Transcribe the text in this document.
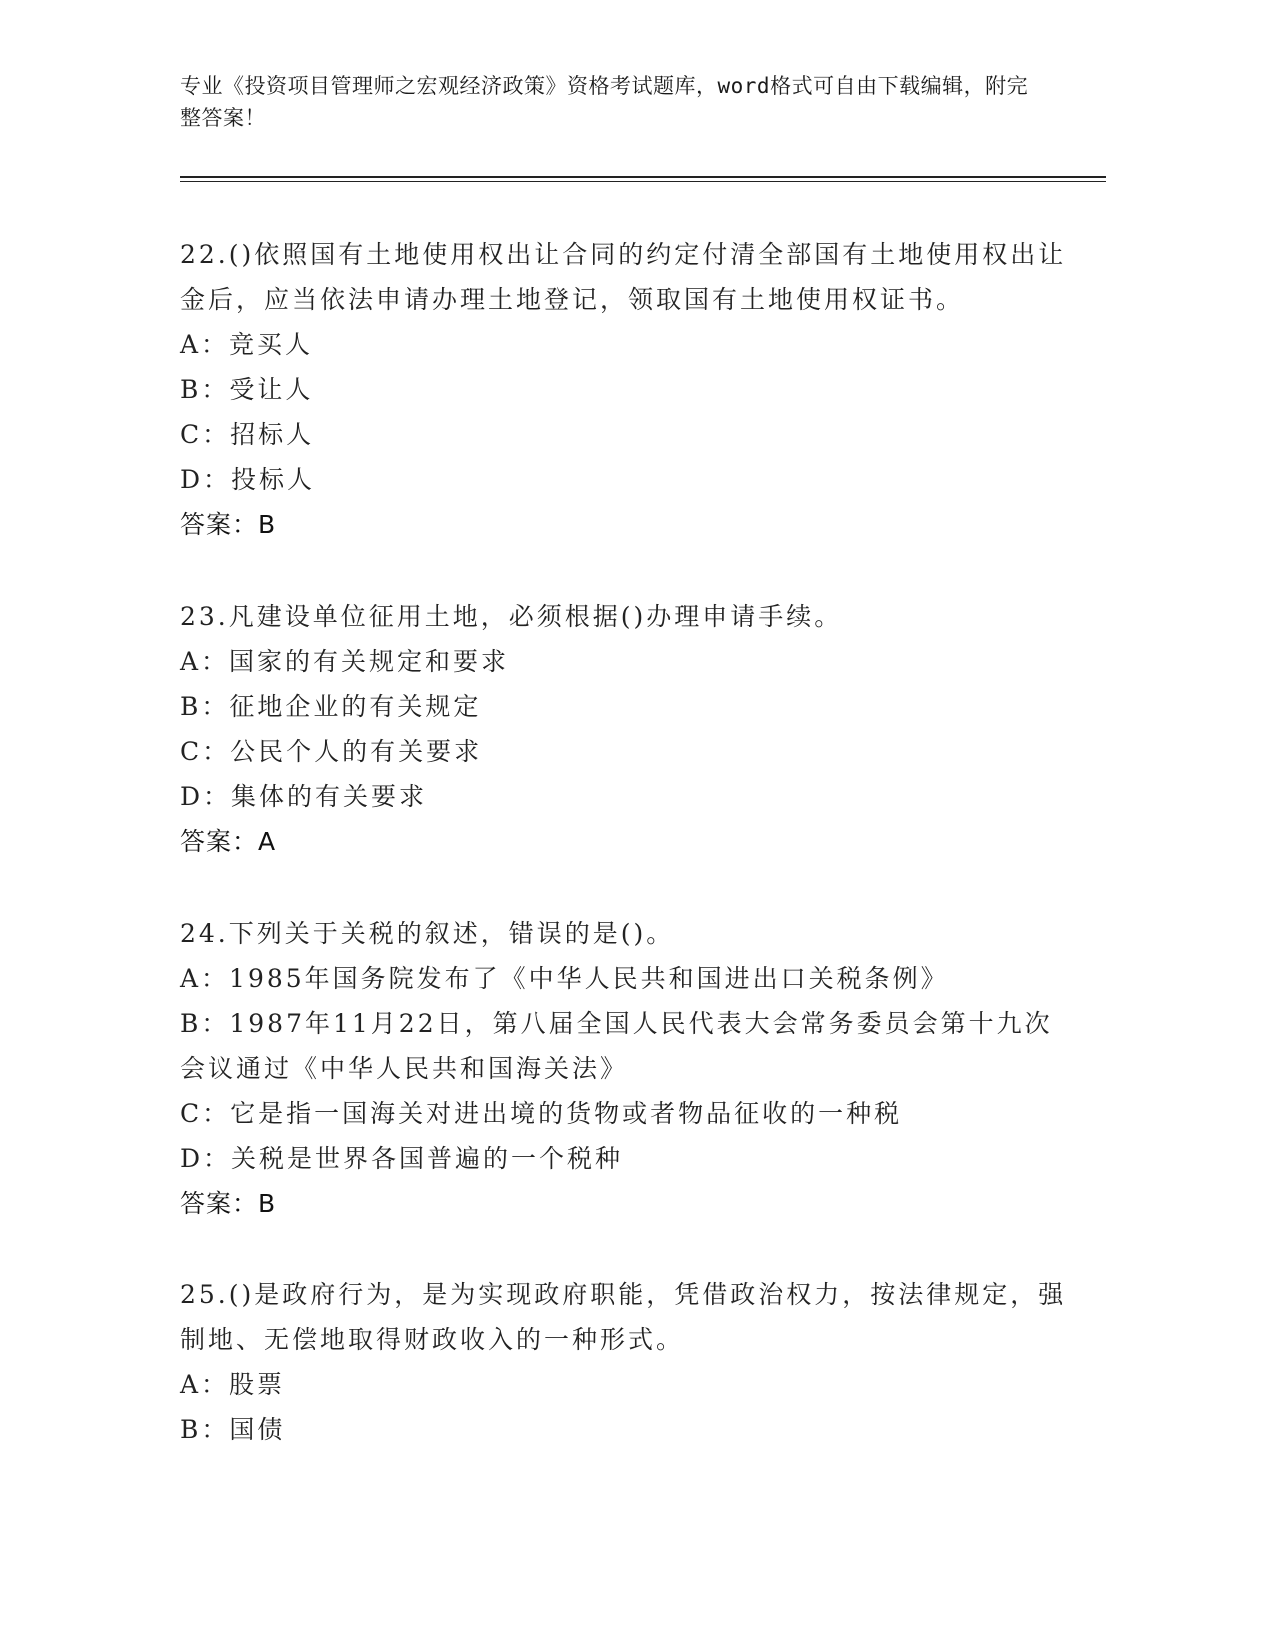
专业《投资项目管理师之宏观经济政策》资格考试题库，word格式可自由下载编辑，附完整答案！
22.()依照国有土地使用权出让合同的约定付清全部国有土地使用权出让金后，应当依法申请办理土地登记，领取国有土地使用权证书。
A：竞买人
B：受让人
C：招标人
D：投标人
答案：B
23.凡建设单位征用土地，必须根据()办理申请手续。
A：国家的有关规定和要求
B：征地企业的有关规定
C：公民个人的有关要求
D：集体的有关要求
答案：A
24.下列关于关税的叙述，错误的是()。
A：1985年国务院发布了《中华人民共和国进出口关税条例》
B：1987年11月22日，第八届全国人民代表大会常务委员会第十九次会议通过《中华人民共和国海关法》
C：它是指一国海关对进出境的货物或者物品征收的一种税
D：关税是世界各国普遍的一个税种
答案：B
25.()是政府行为，是为实现政府职能，凭借政治权力，按法律规定，强制地、无偿地取得财政收入的一种形式。
A：股票
B：国债
